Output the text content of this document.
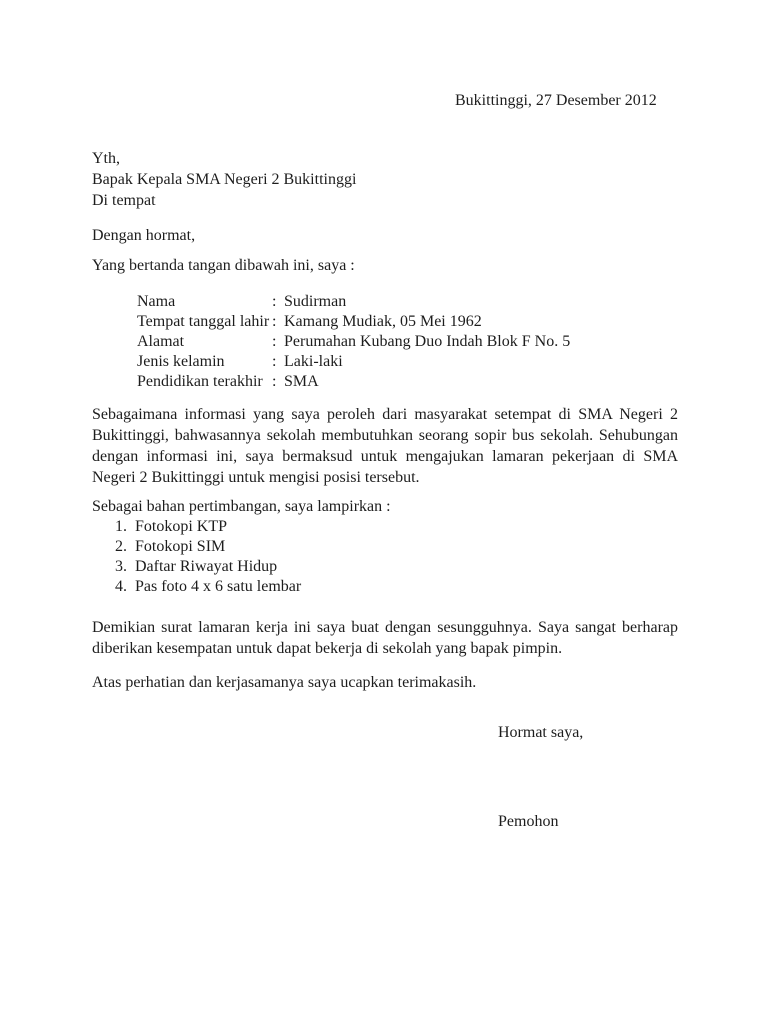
Bukittinggi, 27 Desember 2012
Yth,
Bapak Kepala SMA Negeri 2 Bukittinggi
Di tempat
Dengan hormat,
Yang bertanda tangan dibawah ini, saya :
Nama	: Sudirman
Tempat tanggal lahir : Kamang Mudiak, 05 Mei 1962
Alamat	: Perumahan Kubang Duo Indah Blok F No. 5
Jenis kelamin	: Laki-laki
Pendidikan terakhir : SMA
Sebagaimana informasi yang saya peroleh dari masyarakat setempat di SMA Negeri 2 Bukittinggi, bahwasannya sekolah membutuhkan seorang sopir bus sekolah. Sehubungan dengan informasi ini, saya bermaksud untuk mengajukan lamaran pekerjaan di SMA Negeri 2 Bukittinggi untuk mengisi posisi tersebut.
Sebagai bahan pertimbangan, saya lampirkan :
1. Fotokopi KTP
2. Fotokopi SIM
3. Daftar Riwayat Hidup
4. Pas foto 4 x 6 satu lembar
Demikian surat lamaran kerja ini saya buat dengan sesungguhnya. Saya sangat berharap diberikan kesempatan untuk dapat bekerja di sekolah yang bapak pimpin.
Atas perhatian dan kerjasamanya saya ucapkan terimakasih.
Hormat saya,
Pemohon
